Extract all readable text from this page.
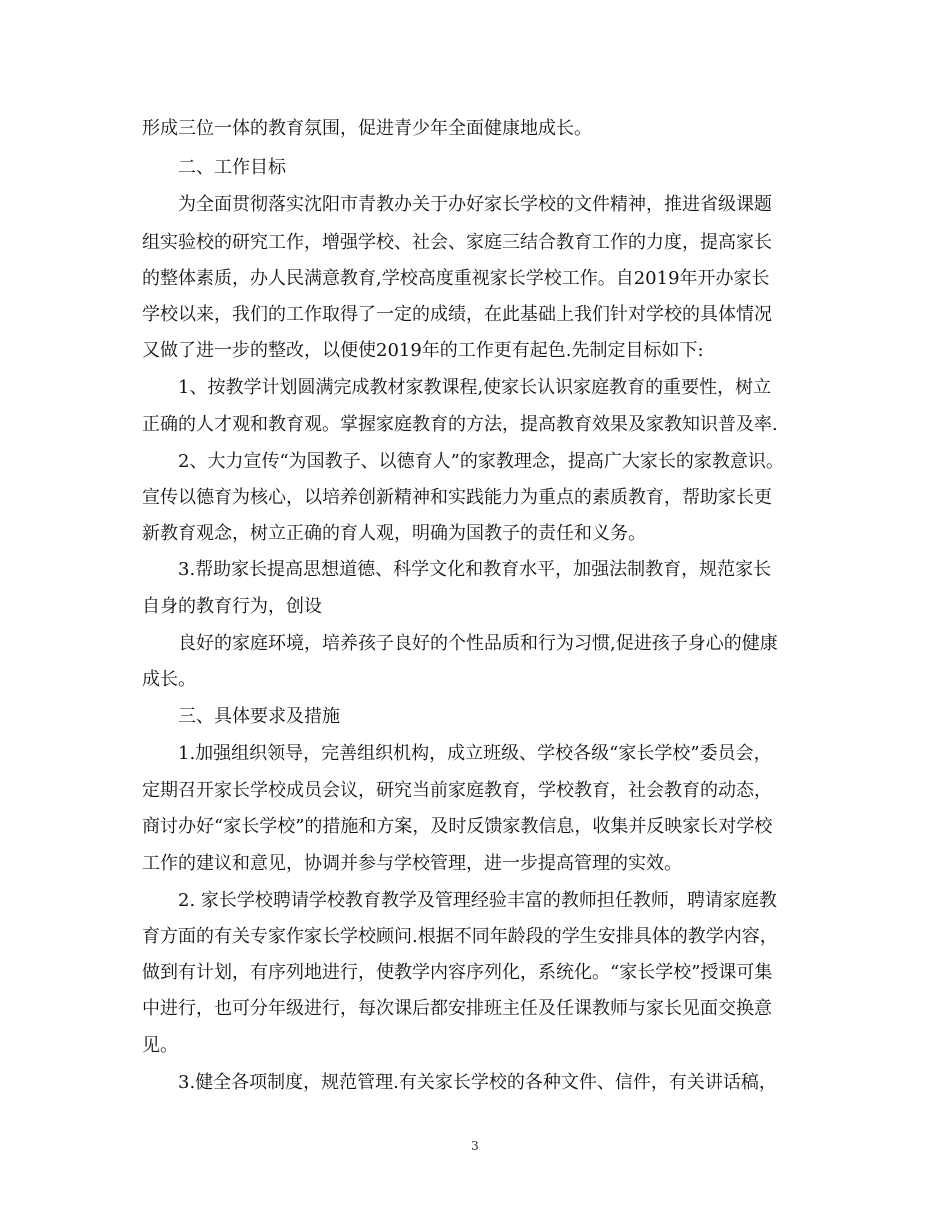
形成三位一体的教育氛围，促进青少年全面健康地成长。
二、工作目标
为全面贯彻落实沈阳市青教办关于办好家长学校的文件精神，推进省级课题
组实验校的研究工作，增强学校、社会、家庭三结合教育工作的力度，提高家长
的整体素质，办人民满意教育,学校高度重视家长学校工作。自2019年开办家长
学校以来，我们的工作取得了一定的成绩，在此基础上我们针对学校的具体情况
又做了进一步的整改，以便使2019年的工作更有起色.先制定目标如下:
1、按教学计划圆满完成教材家教课程,使家长认识家庭教育的重要性，树立
正确的人才观和教育观。掌握家庭教育的方法，提高教育效果及家教知识普及率.
2、大力宣传“为国教子、以德育人”的家教理念，提高广大家长的家教意识。
宣传以德育为核心，以培养创新精神和实践能力为重点的素质教育，帮助家长更
新教育观念，树立正确的育人观，明确为国教子的责任和义务。
3.帮助家长提高思想道德、科学文化和教育水平，加强法制教育，规范家长
自身的教育行为，创设
良好的家庭环境，培养孩子良好的个性品质和行为习惯,促进孩子身心的健康
成长。
三、具体要求及措施
1.加强组织领导，完善组织机构，成立班级、学校各级“家长学校”委员会，
定期召开家长学校成员会议，研究当前家庭教育，学校教育，社会教育的动态，
商讨办好“家长学校”的措施和方案，及时反馈家教信息，收集并反映家长对学校
工作的建议和意见，协调并参与学校管理，进一步提高管理的实效。
2. 家长学校聘请学校教育教学及管理经验丰富的教师担任教师，聘请家庭教
育方面的有关专家作家长学校顾问.根据不同年龄段的学生安排具体的教学内容，
做到有计划，有序列地进行，使教学内容序列化，系统化。“家长学校”授课可集
中进行，也可分年级进行，每次课后都安排班主任及任课教师与家长见面交换意
见。
3.健全各项制度，规范管理.有关家长学校的各种文件、信件，有关讲话稿，
3
